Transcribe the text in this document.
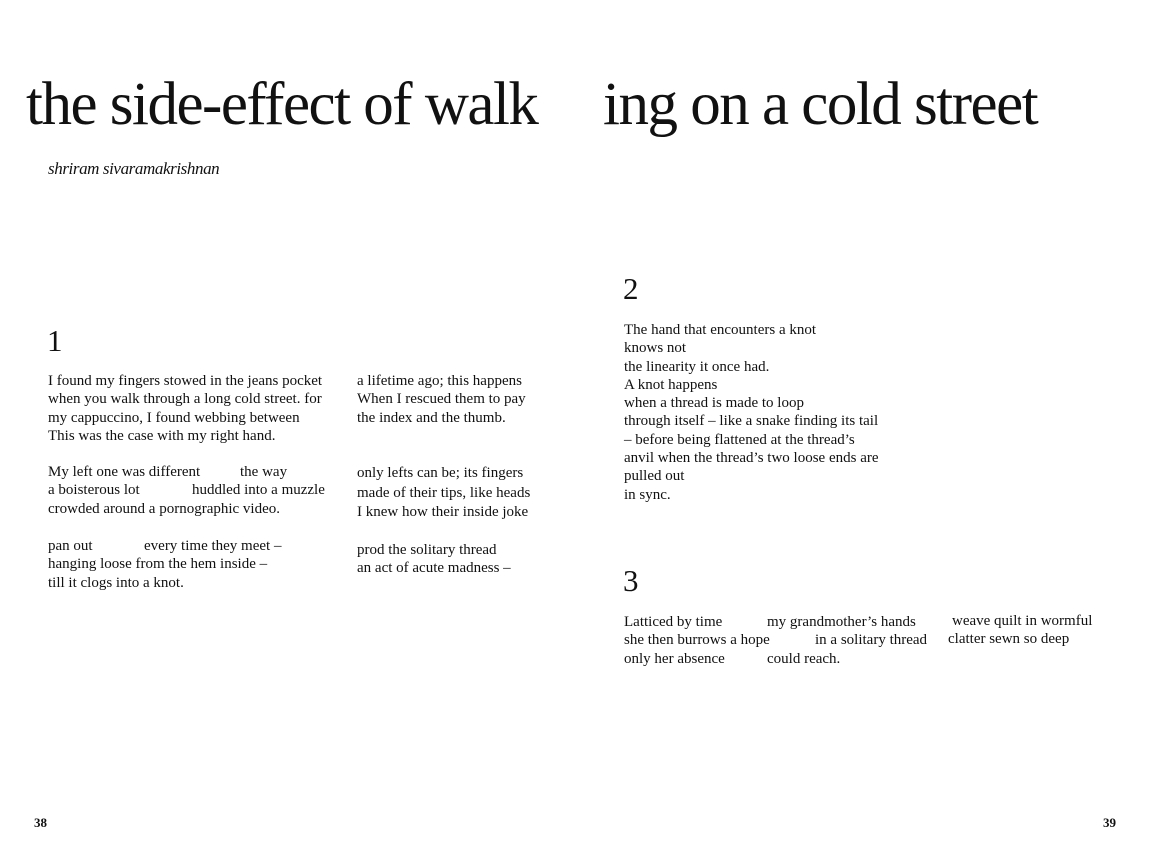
the side-effect of walk ing on a cold street
shriram sivaramakrishnan
1
I found my fingers stowed in the jeans pocket
when you walk through a long cold street. for
my cappuccino, I found webbing between
This was the case with my right hand.
a lifetime ago; this happens
When I rescued them to pay
the index and the thumb.
My left one was different	the way
a boisterous lot	huddled into a muzzle
crowded around a pornographic video.
only lefts can be; its fingers
made of their tips, like heads
I knew how their inside joke
pan out	every time they meet –
hanging loose from the hem inside –
till it clogs into a knot.
prod the solitary thread
an act of acute madness –
2
The hand that encounters a knot
knows not
the linearity it once had.
A knot happens
when a thread is made to loop
through itself – like a snake finding its tail
– before being flattened at the thread’s
anvil when the thread’s two loose ends are
pulled out
in sync.
3
Latticed by time
she then burrows a hope
only her absence
my grandmother’s hands
in a solitary thread
could reach.
weave quilt in wormful
clatter sewn so deep
38	39
